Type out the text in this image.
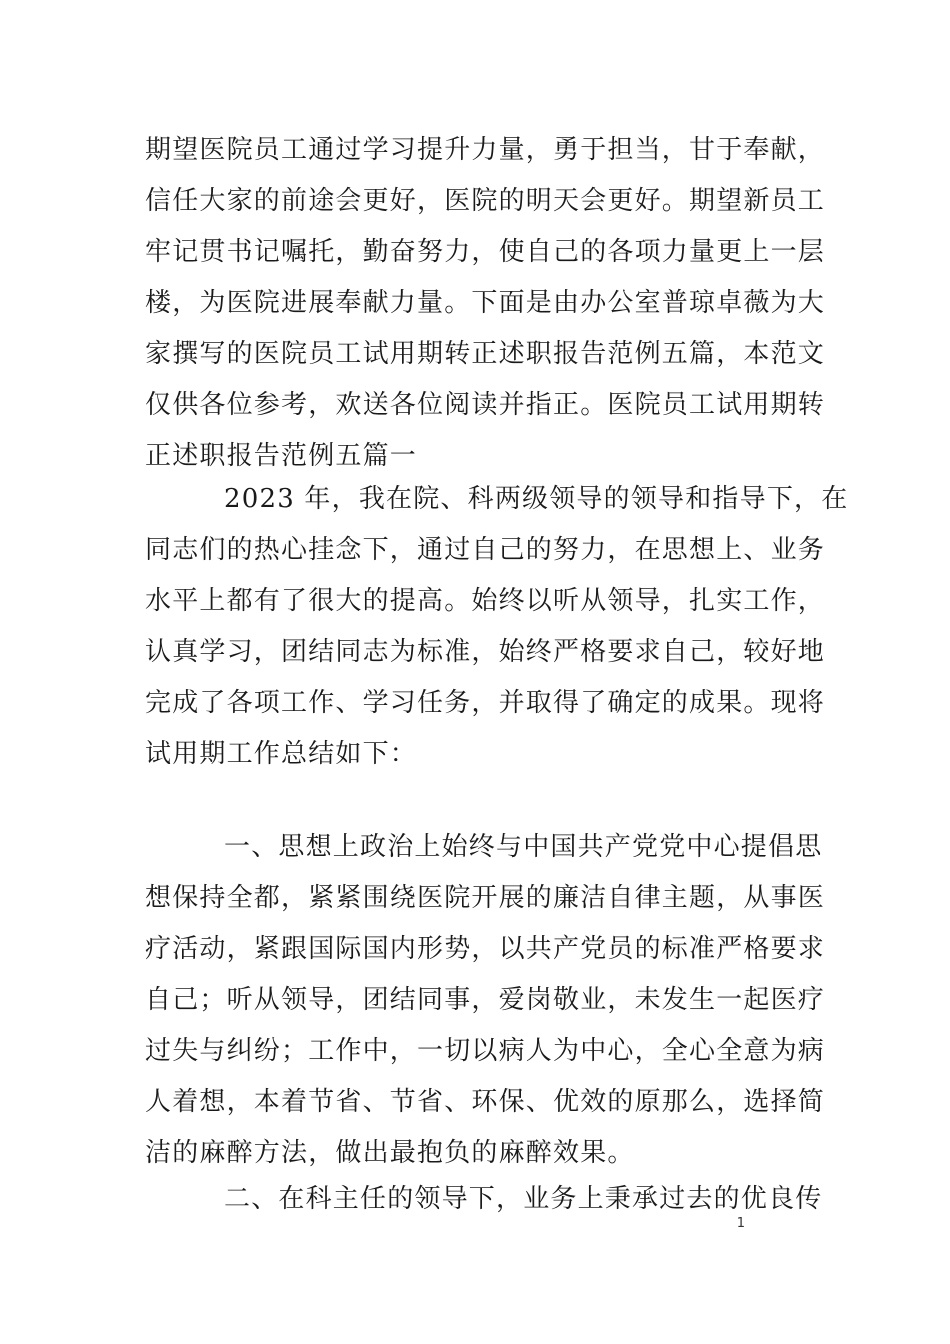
期望医院员工通过学习提升力量，勇于担当，甘于奉献，
信任大家的前途会更好，医院的明天会更好。期望新员工
牢记贯书记嘱托，勤奋努力，使自己的各项力量更上一层
楼，为医院进展奉献力量。下面是由办公室普琼卓薇为大
家撰写的医院员工试用期转正述职报告范例五篇，本范文
仅供各位参考，欢送各位阅读并指正。医院员工试用期转
正述职报告范例五篇一
2023 年，我在院、科两级领导的领导和指导下，在
同志们的热心挂念下，通过自己的努力，在思想上、业务
水平上都有了很大的提高。始终以听从领导，扎实工作，
认真学习，团结同志为标准，始终严格要求自己，较好地
完成了各项工作、学习任务，并取得了确定的成果。现将
试用期工作总结如下：
一、思想上政治上始终与中国共产党党中心提倡思
想保持全都，紧紧围绕医院开展的廉洁自律主题，从事医
疗活动，紧跟国际国内形势，以共产党员的标准严格要求
自己；听从领导，团结同事，爱岗敬业，未发生一起医疗
过失与纠纷；工作中，一切以病人为中心，全心全意为病
人着想，本着节省、节省、环保、优效的原那么，选择简
洁的麻醉方法，做出最抱负的麻醉效果。
二、在科主任的领导下，业务上秉承过去的优良传
1
